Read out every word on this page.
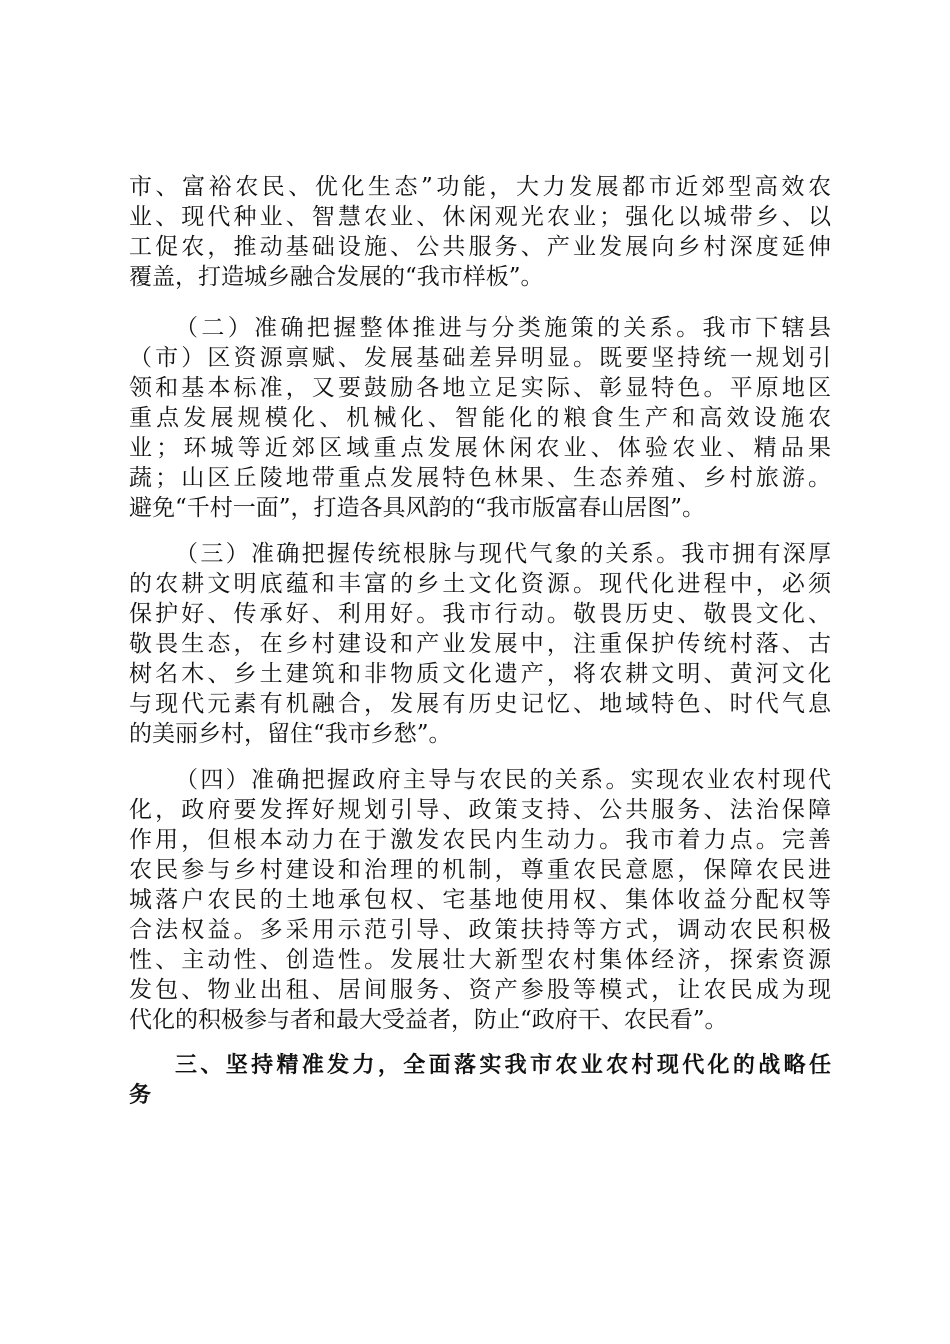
市、富裕农民、优化生态”功能，大力发展都市近郊型高效农
业、现代种业、智慧农业、休闲观光农业；强化以城带乡、以
工促农，推动基础设施、公共服务、产业发展向乡村深度延伸
覆盖，打造城乡融合发展的“我市样板”。
（二）准确把握整体推进与分类施策的关系。我市下辖县
（市）区资源禀赋、发展基础差异明显。既要坚持统一规划引
领和基本标准，又要鼓励各地立足实际、彰显特色。平原地区
重点发展规模化、机械化、智能化的粮食生产和高效设施农
业；环城等近郊区域重点发展休闲农业、体验农业、精品果
蔬；山区丘陵地带重点发展特色林果、生态养殖、乡村旅游。
避免“千村一面”，打造各具风韵的“我市版富春山居图”。
（三）准确把握传统根脉与现代气象的关系。我市拥有深厚
的农耕文明底蕴和丰富的乡土文化资源。现代化进程中，必须
保护好、传承好、利用好。我市行动。敬畏历史、敬畏文化、
敬畏生态，在乡村建设和产业发展中，注重保护传统村落、古
树名木、乡土建筑和非物质文化遗产，将农耕文明、黄河文化
与现代元素有机融合，发展有历史记忆、地域特色、时代气息
的美丽乡村，留住“我市乡愁”。
（四）准确把握政府主导与农民的关系。实现农业农村现代
化，政府要发挥好规划引导、政策支持、公共服务、法治保障
作用，但根本动力在于激发农民内生动力。我市着力点。完善
农民参与乡村建设和治理的机制，尊重农民意愿，保障农民进
城落户农民的土地承包权、宅基地使用权、集体收益分配权等
合法权益。多采用示范引导、政策扶持等方式，调动农民积极
性、主动性、创造性。发展壮大新型农村集体经济，探索资源
发包、物业出租、居间服务、资产参股等模式，让农民成为现
代化的积极参与者和最大受益者，防止“政府干、农民看”。
三、坚持精准发力，全面落实我市农业农村现代化的战略任
务
